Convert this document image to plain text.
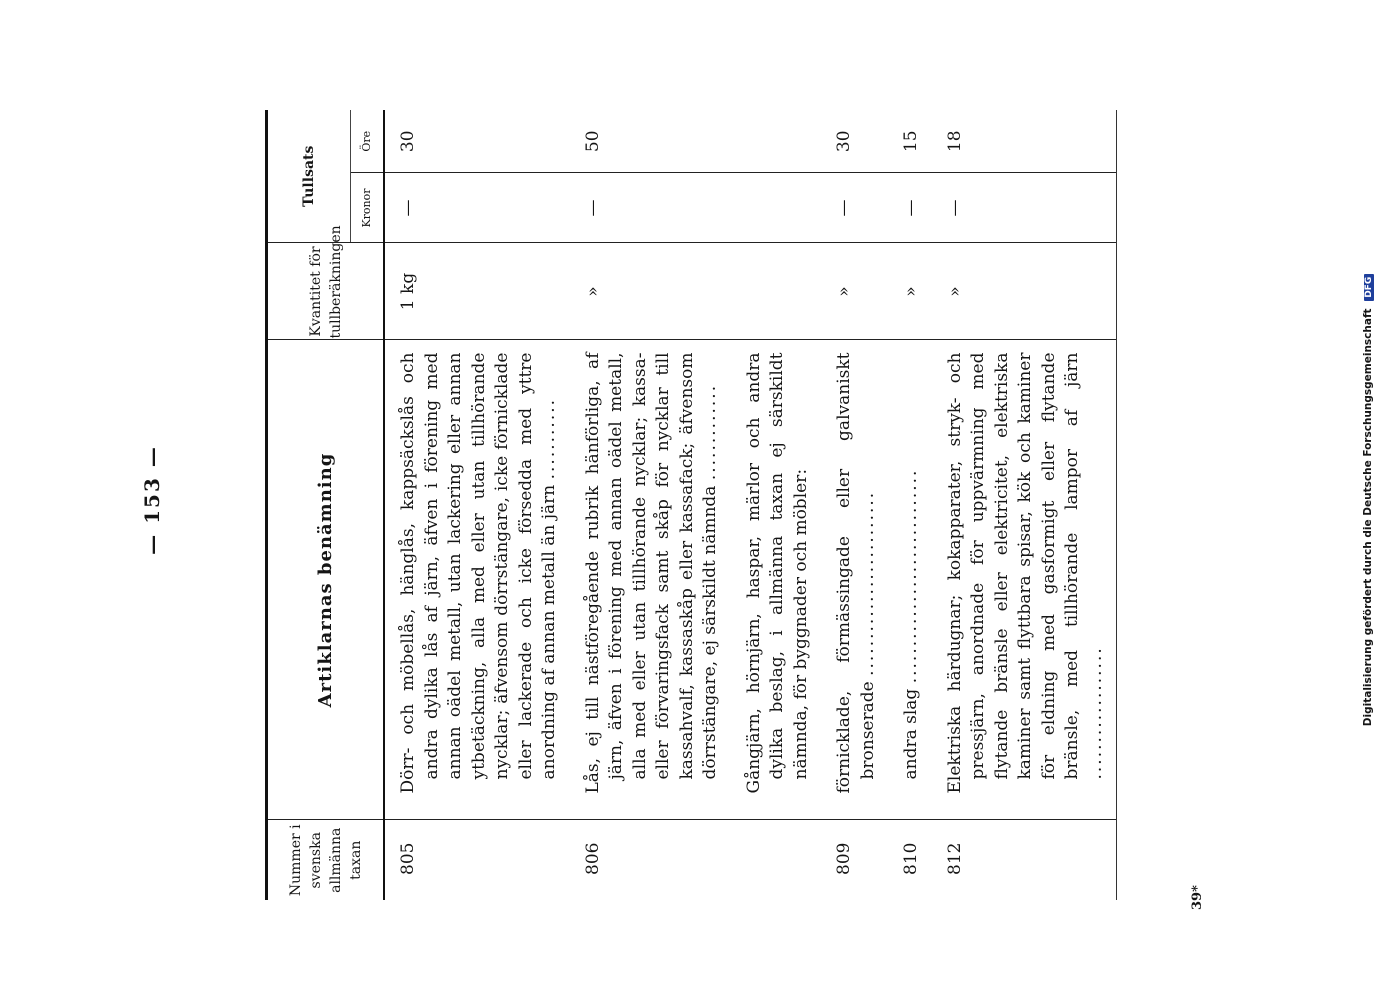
— 153 —
Nummer i svenska allmänna taxan	Artiklarnas benämning	Kvantitet för tullberäkningen	Tullsats	
			Kronor	Öre
805	Dörr- och möbellås, hänglås, kappsäckslås och andra dylika lås af järn, äfven i förening med annan oädel metall, utan lackering eller annan ytbetäckning, alla med eller utan tillhörande nycklar; äfvensom dörrstängare, icke förnicklade eller lackerade och icke försedda med yttre anordning af annan metall än järn ...........	1 kg	—	30
806	Lås, ej till nästföregående rubrik hänförliga, af järn, äfven i förening med annan oädel metall, alla med eller utan tillhörande nycklar; kassa- eller förvaringsfack samt skåp för nycklar till kassahvalf, kassaskåp eller kassafack; äfvensom dörrstängare, ej särskildt nämnda .............	»	—	50

	Gångjärn, hörnjärn, haspar, märlor och andra dylika beslag, i allmänna taxan ej särskildt nämnda, för byggnader och möbler:			

809	förnicklade, förmässingade eller galvaniskt bronserade .........................	»	—	30
810	andra slag .............................	»	—	15
812	Elektriska härdugnar; kokapparater, stryk- och pressjärn, anordnade för uppvärmning med flytande bränsle eller elektricitet, elektriska kaminer samt flyttbara spisar, kök och kaminer för eldning med gasformigt eller flytande bränsle, med tillhörande lampor af järn ..................	»	—	18
39*
Digitalisierung gefördert durch die Deutsche Forschungsgemeinschaft DFG
